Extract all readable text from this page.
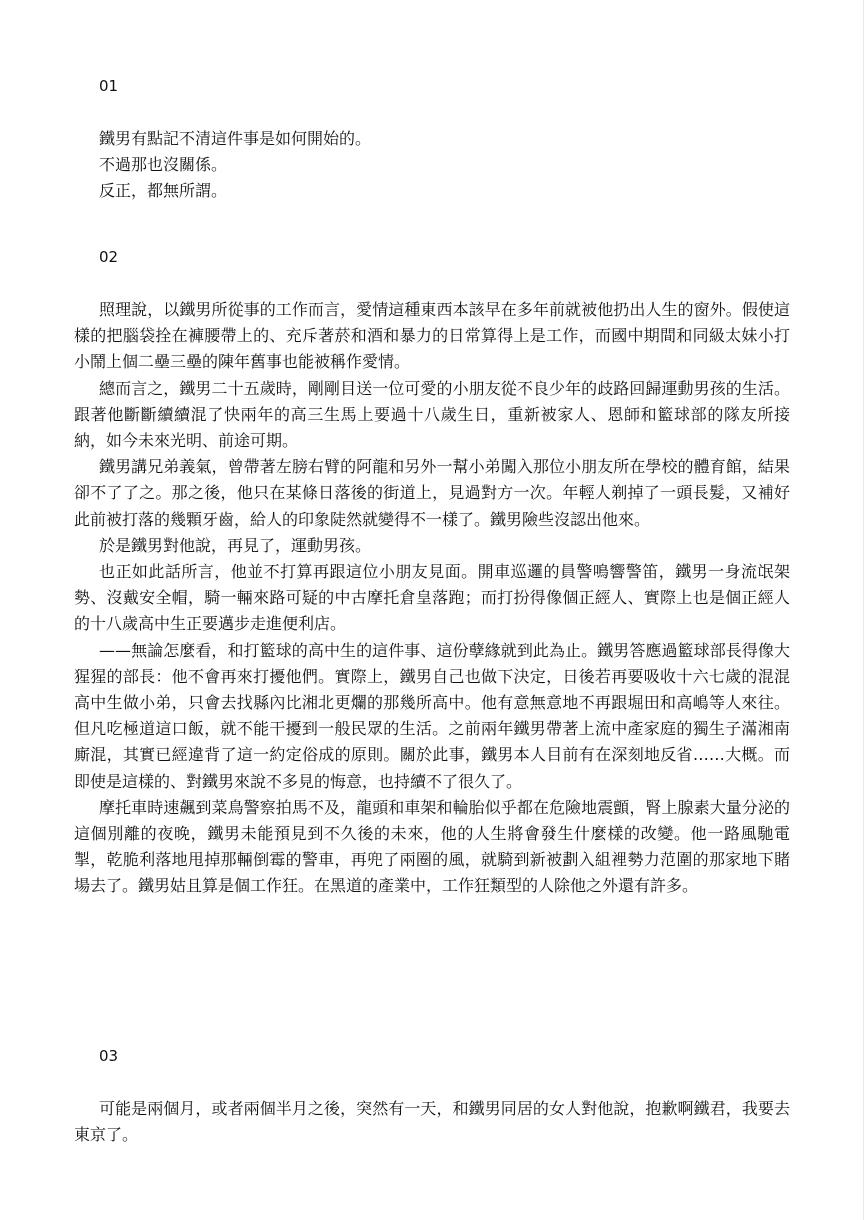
01

鐵男有點記不清這件事是如何開始的。

不過那也沒關係。

反正，都無所謂。

02

照理說，以鐵男所從事的工作而言，愛情這種東西本該早在多年前就被他扔出人生的窗外。假使這樣的把腦袋拴在褲腰帶上的、充斥著菸和酒和暴力的日常算得上是工作，而國中期間和同級太妹小打小鬧上個二壘三壘的陳年舊事也能被稱作愛情。

總而言之，鐵男二十五歲時，剛剛目送一位可愛的小朋友從不良少年的歧路回歸運動男孩的生活。跟著他斷斷續續混了快兩年的高三生馬上要過十八歲生日，重新被家人、恩師和籃球部的隊友所接納，如今未來光明、前途可期。

鐵男講兄弟義氣，曾帶著左膀右臂的阿龍和另外一幫小弟闖入那位小朋友所在學校的體育館，結果卻不了了之。那之後，他只在某條日落後的街道上，見過對方一次。年輕人剃掉了一頭長髮，又補好此前被打落的幾顆牙齒，給人的印象陡然就變得不一樣了。鐵男險些沒認出他來。

於是鐵男對他說，再見了，運動男孩。

也正如此話所言，他並不打算再跟這位小朋友見面。開車巡邏的員警鳴響警笛，鐵男一身流氓架勢、沒戴安全帽，騎一輛來路可疑的中古摩托倉皇落跑；而打扮得像個正經人、實際上也是個正經人的十八歲高中生正要邁步走進便利店。

——無論怎麼看，和打籃球的高中生的這件事、這份孽緣就到此為止。鐵男答應過籃球部長得像大猩猩的部長：他不會再來打擾他們。實際上，鐵男自己也做下決定，日後若再要吸收十六七歲的混混高中生做小弟，只會去找縣內比湘北更爛的那幾所高中。他有意無意地不再跟堀田和高嶋等人來往。但凡吃極道這口飯，就不能干擾到一般民眾的生活。之前兩年鐵男帶著上流中產家庭的獨生子滿湘南廝混，其實已經違背了這一約定俗成的原則。關於此事，鐵男本人目前有在深刻地反省……大概。而即使是這樣的、對鐵男來說不多見的悔意，也持續不了很久了。

摩托車時速飆到菜鳥警察拍馬不及，龍頭和車架和輪胎似乎都在危險地震顫，腎上腺素大量分泌的這個別離的夜晚，鐵男未能預見到不久後的未來，他的人生將會發生什麼樣的改變。他一路風馳電掣，乾脆利落地甩掉那輛倒霉的警車，再兜了兩圈的風，就騎到新被劃入組裡勢力范圍的那家地下賭場去了。鐵男姑且算是個工作狂。在黑道的產業中，工作狂類型的人除他之外還有許多。

03

可能是兩個月，或者兩個半月之後，突然有一天，和鐵男同居的女人對他說，抱歉啊鐵君，我要去東京了。
